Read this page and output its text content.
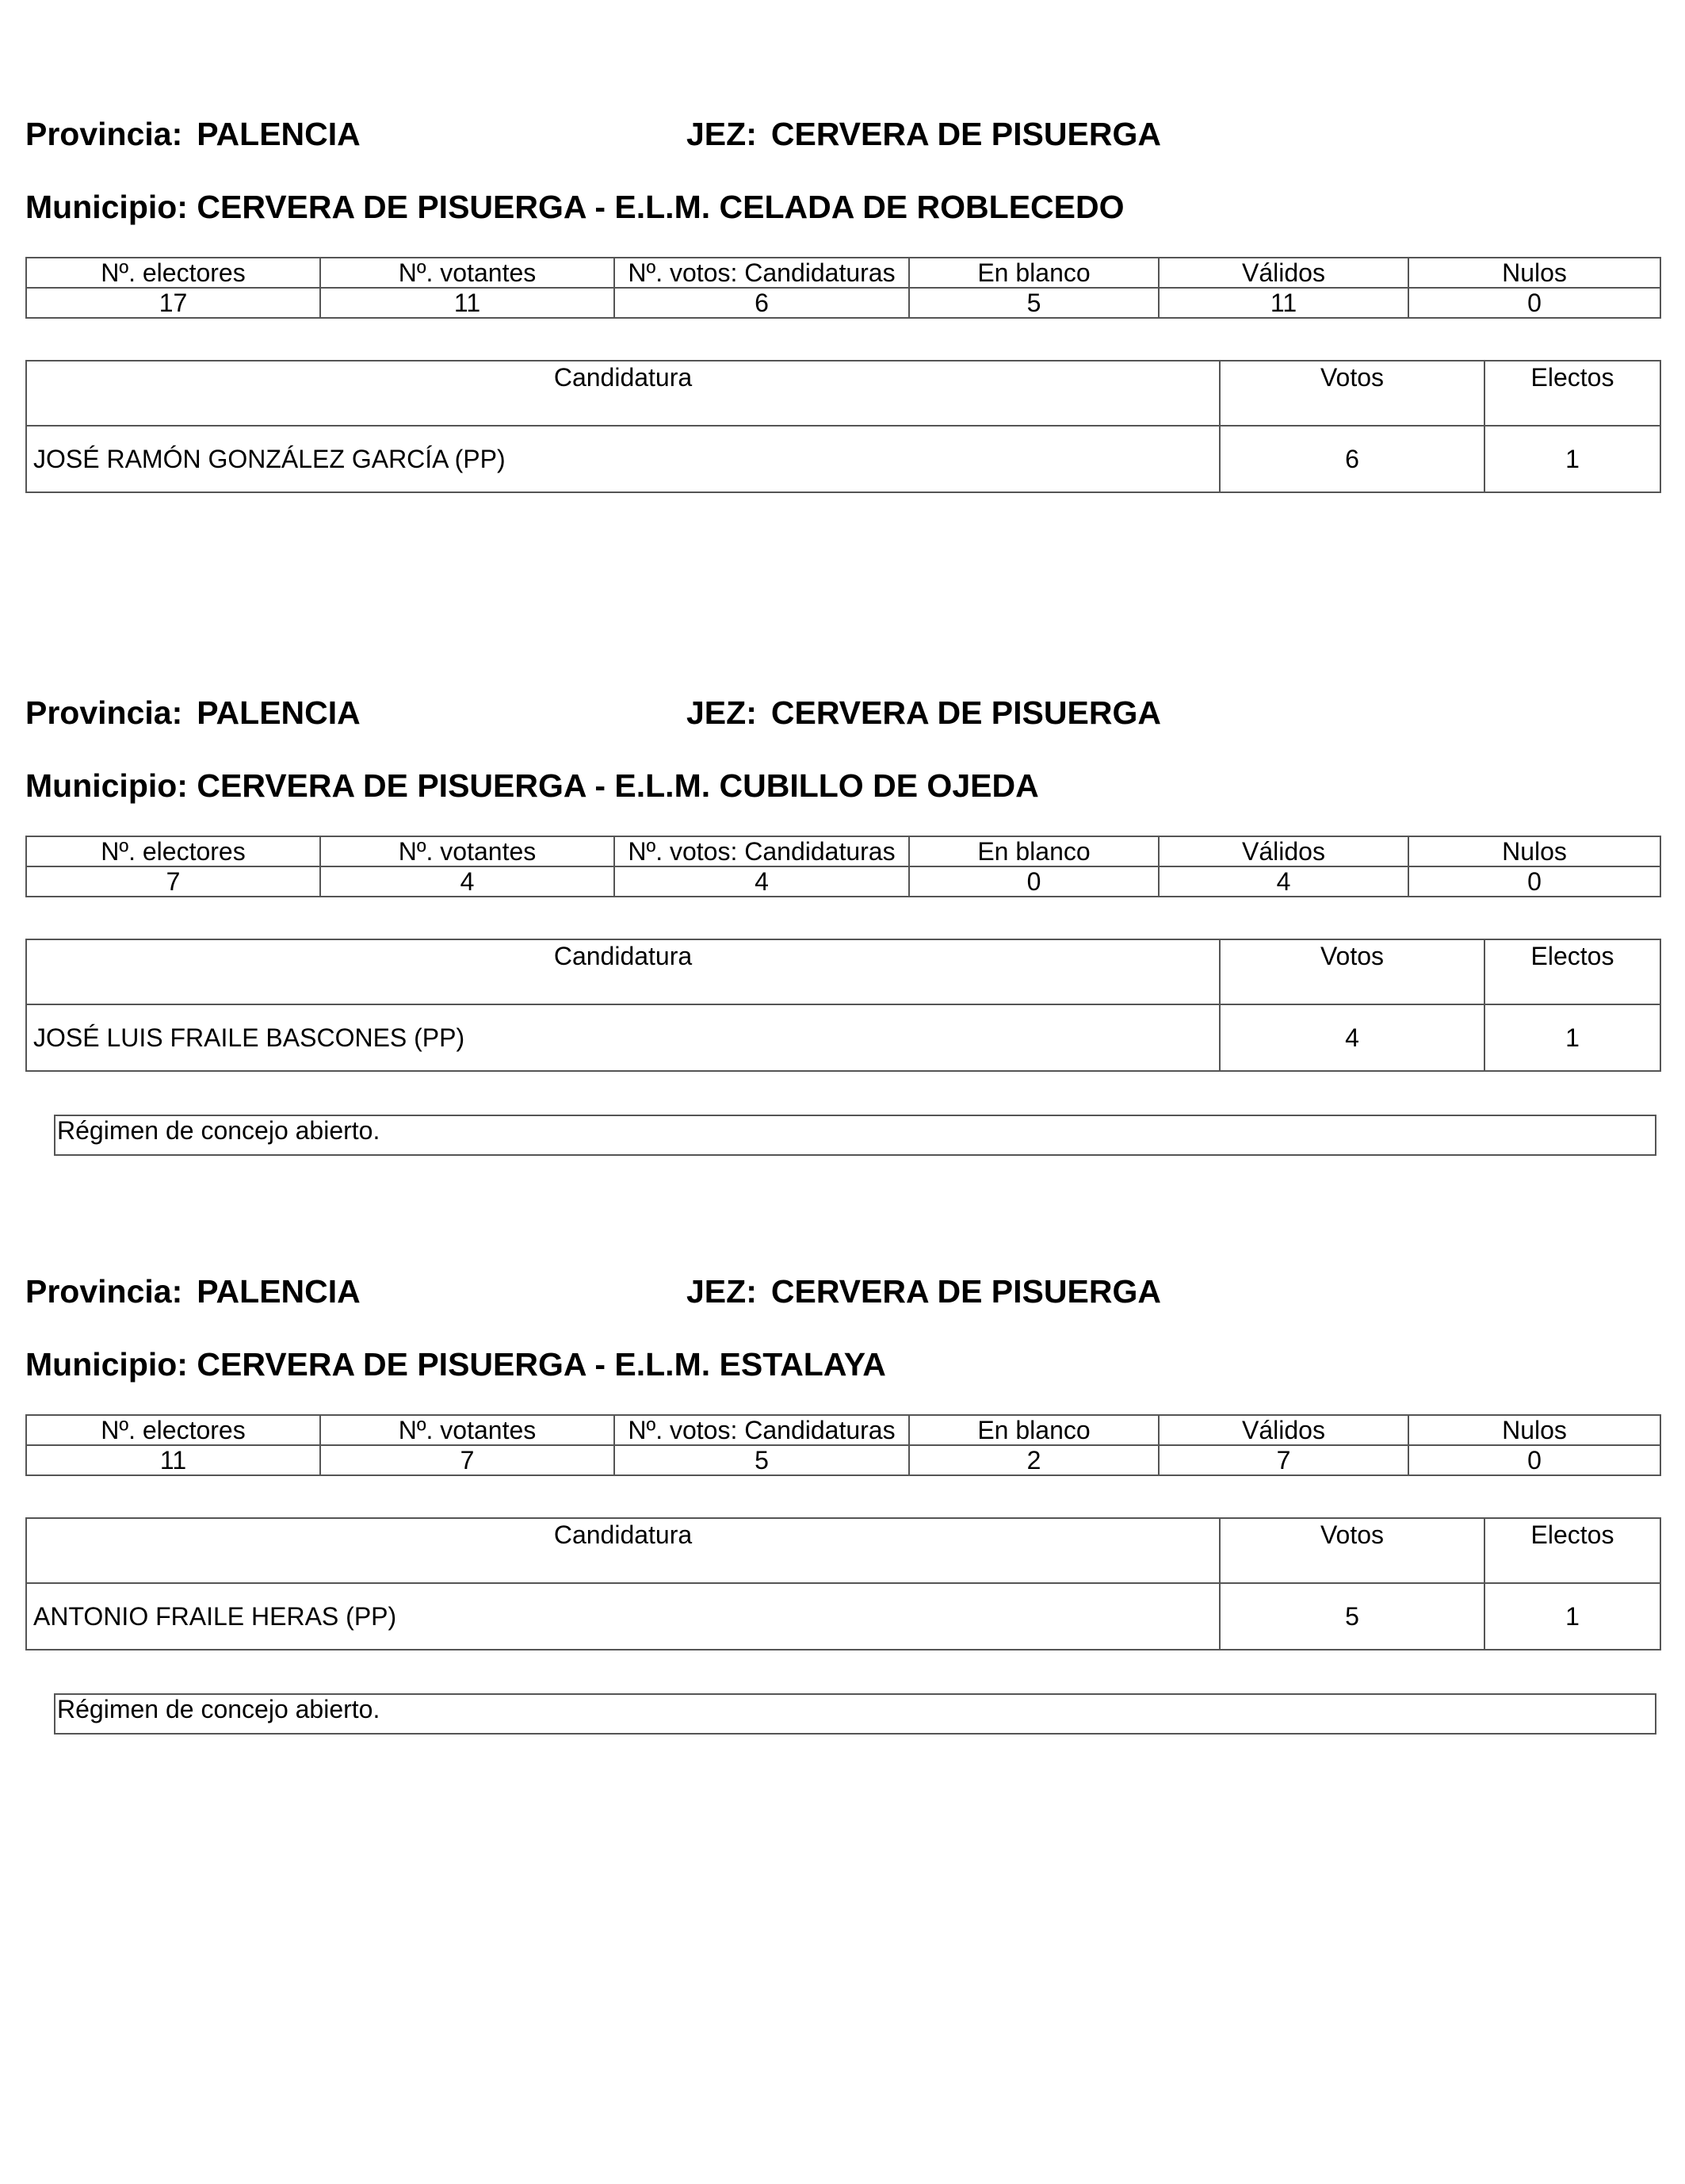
Provincia: PALENCIA	JEZ: CERVERA DE PISUERGA
Municipio: CERVERA DE PISUERGA - E.L.M. CELADA DE ROBLECEDO
Nº. electores	Nº. votantes	Nº. votos: Candidaturas	En blanco	Válidos	Nulos
17	11	6	5	11	0
Candidatura	Votos	Electos
JOSÉ RAMÓN GONZÁLEZ GARCÍA (PP)	6	1
Provincia: PALENCIA	JEZ: CERVERA DE PISUERGA
Municipio: CERVERA DE PISUERGA - E.L.M. CUBILLO DE OJEDA
Nº. electores	Nº. votantes	Nº. votos: Candidaturas	En blanco	Válidos	Nulos
7	4	4	0	4	0
Candidatura	Votos	Electos
JOSÉ LUIS FRAILE BASCONES (PP)	4	1
Régimen de concejo abierto.
Provincia: PALENCIA	JEZ: CERVERA DE PISUERGA
Municipio: CERVERA DE PISUERGA - E.L.M. ESTALAYA
Nº. electores	Nº. votantes	Nº. votos: Candidaturas	En blanco	Válidos	Nulos
11	7	5	2	7	0
Candidatura	Votos	Electos
ANTONIO FRAILE HERAS (PP)	5	1
Régimen de concejo abierto.
